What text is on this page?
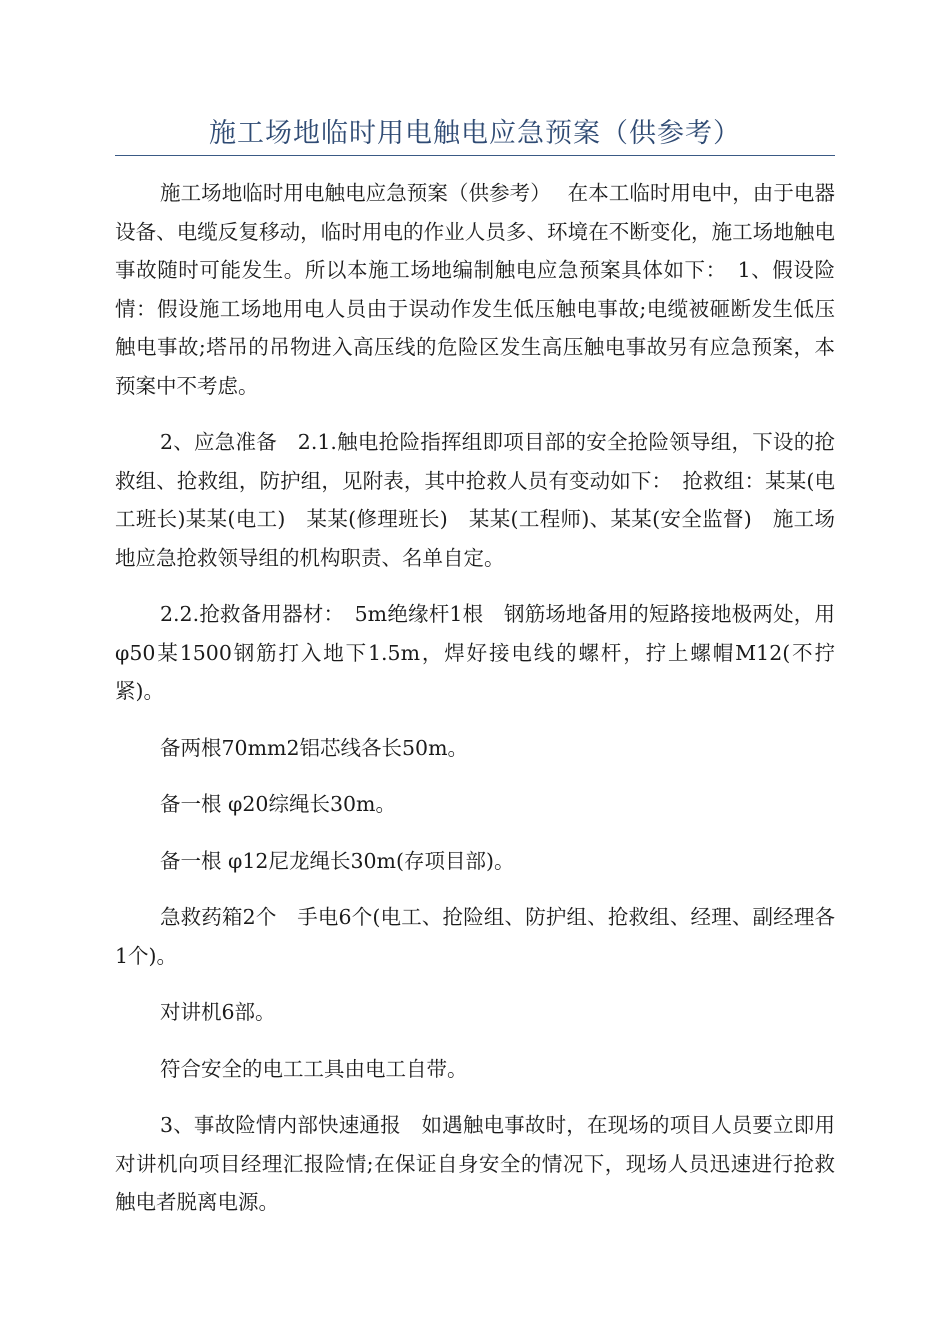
施工场地临时用电触电应急预案（供参考）

施工场地临时用电触电应急预案（供参考）　 在本工临时用电中，由于电器设备、电缆反复移动，临时用电的作业人员多、环境在不断变化，施工场地触电事故随时可能发生。所以本施工场地编制触电应急预案具体如下：　1、假设险情：假设施工场地用电人员由于误动作发生低压触电事故;电缆被砸断发生低压触电事故;塔吊的吊物进入高压线的危险区发生高压触电事故另有应急预案，本预案中不考虑。

2、应急准备　2.1.触电抢险指挥组即项目部的安全抢险领导组，下设的抢救组、抢救组，防护组，见附表，其中抢救人员有变动如下：　抢救组：某某(电工班长)某某(电工)　某某(修理班长)　某某(工程师)、某某(安全监督)　施工场地应急抢救领导组的机构职责、名单自定。

2.2.抢救备用器材：　5m绝缘杆1根　钢筋场地备用的短路接地极两处，用 φ50某1500钢筋打入地下1.5m，焊好接电线的螺杆，拧上螺帽M12(不拧紧)。

备两根70mm2铝芯线各长50m。

备一根 φ20综绳长30m。

备一根 φ12尼龙绳长30m(存项目部)。

急救药箱2个　手电6个(电工、抢险组、防护组、抢救组、经理、副经理各1个)。

对讲机6部。

符合安全的电工工具由电工自带。

3、事故险情内部快速通报　如遇触电事故时，在现场的项目人员要立即用对讲机向项目经理汇报险情;在保证自身安全的情况下，现场人员迅速进行抢救触电者脱离电源。
